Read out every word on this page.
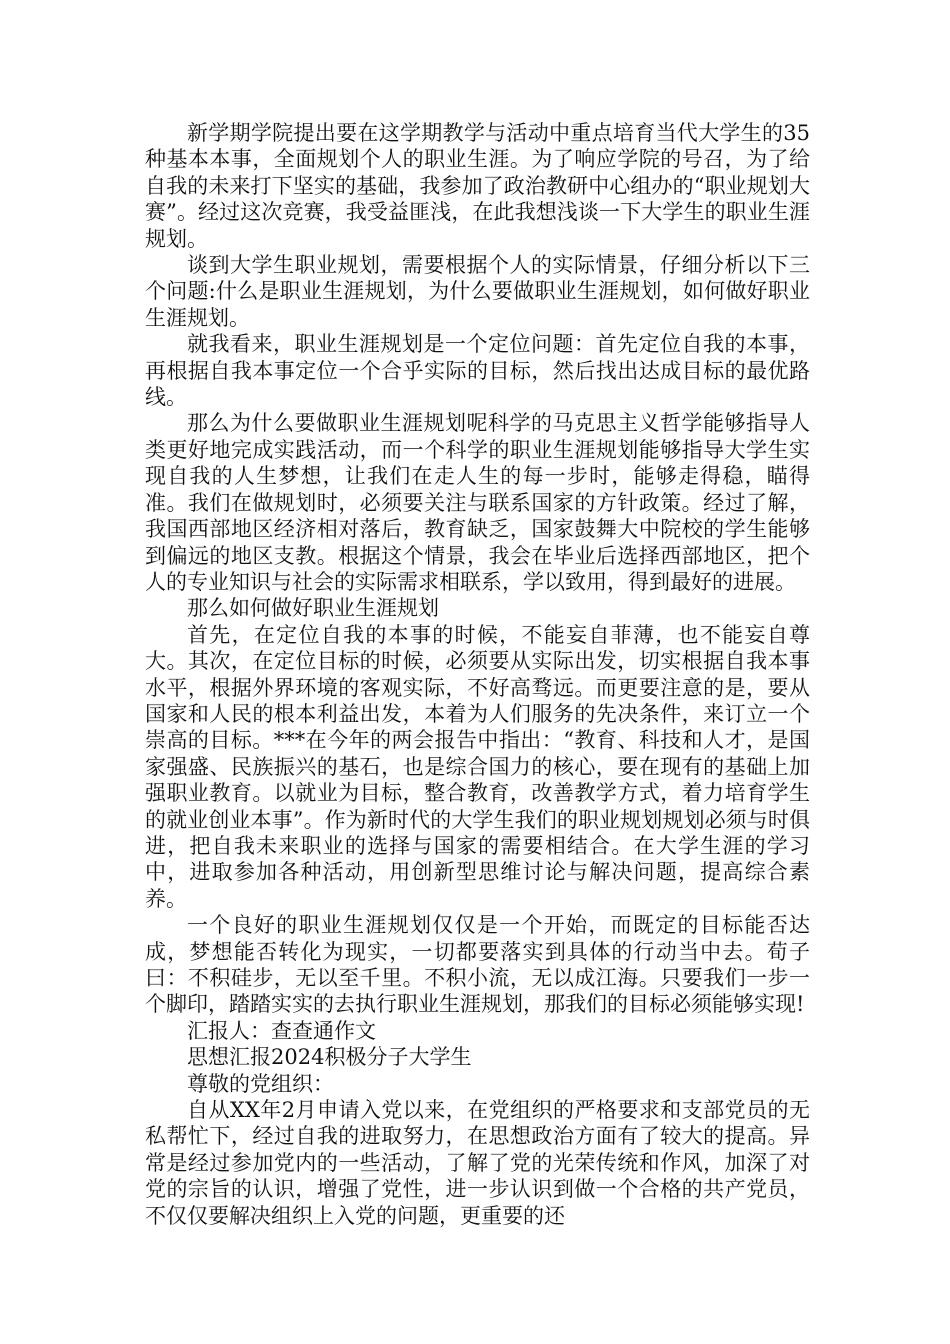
新学期学院提出要在这学期教学与活动中重点培育当代大学生的35种基本本事，全面规划个人的职业生涯。为了响应学院的号召，为了给自我的未来打下坚实的基础，我参加了政治教研中心组办的“职业规划大赛”。经过这次竞赛，我受益匪浅，在此我想浅谈一下大学生的职业生涯规划。

谈到大学生职业规划，需要根据个人的实际情景，仔细分析以下三个问题:什么是职业生涯规划，为什么要做职业生涯规划，如何做好职业生涯规划。

就我看来，职业生涯规划是一个定位问题：首先定位自我的本事，再根据自我本事定位一个合乎实际的目标，然后找出达成目标的最优路线。

那么为什么要做职业生涯规划呢科学的马克思主义哲学能够指导人类更好地完成实践活动，而一个科学的职业生涯规划能够指导大学生实现自我的人生梦想，让我们在走人生的每一步时，能够走得稳，瞄得准。我们在做规划时，必须要关注与联系国家的方针政策。经过了解，我国西部地区经济相对落后，教育缺乏，国家鼓舞大中院校的学生能够到偏远的地区支教。根据这个情景，我会在毕业后选择西部地区，把个人的专业知识与社会的实际需求相联系，学以致用，得到最好的进展。

那么如何做好职业生涯规划

首先，在定位自我的本事的时候，不能妄自菲薄，也不能妄自尊大。其次，在定位目标的时候，必须要从实际出发，切实根据自我本事水平，根据外界环境的客观实际，不好高骛远。而更要注意的是，要从国家和人民的根本利益出发，本着为人们服务的先决条件，来订立一个崇高的目标。***在今年的两会报告中指出：“教育、科技和人才，是国家强盛、民族振兴的基石，也是综合国力的核心，要在现有的基础上加强职业教育。以就业为目标，整合教育，改善教学方式，着力培育学生的就业创业本事”。作为新时代的大学生我们的职业规划规划必须与时俱进，把自我未来职业的选择与国家的需要相结合。在大学生涯的学习中，进取参加各种活动，用创新型思维讨论与解决问题，提高综合素养。

一个良好的职业生涯规划仅仅是一个开始，而既定的目标能否达成，梦想能否转化为现实，一切都要落实到具体的行动当中去。荀子曰：不积硅步，无以至千里。不积小流，无以成江海。只要我们一步一个脚印，踏踏实实的去执行职业生涯规划，那我们的目标必须能够实现!

汇报人：查查通作文

思想汇报2024积极分子大学生

尊敬的党组织：

自从XX年2月申请入党以来，在党组织的严格要求和支部党员的无私帮忙下，经过自我的进取努力，在思想政治方面有了较大的提高。异常是经过参加党内的一些活动，了解了党的光荣传统和作风，加深了对党的宗旨的认识，增强了党性，进一步认识到做一个合格的共产党员，不仅仅要解决组织上入党的问题，更重要的还
